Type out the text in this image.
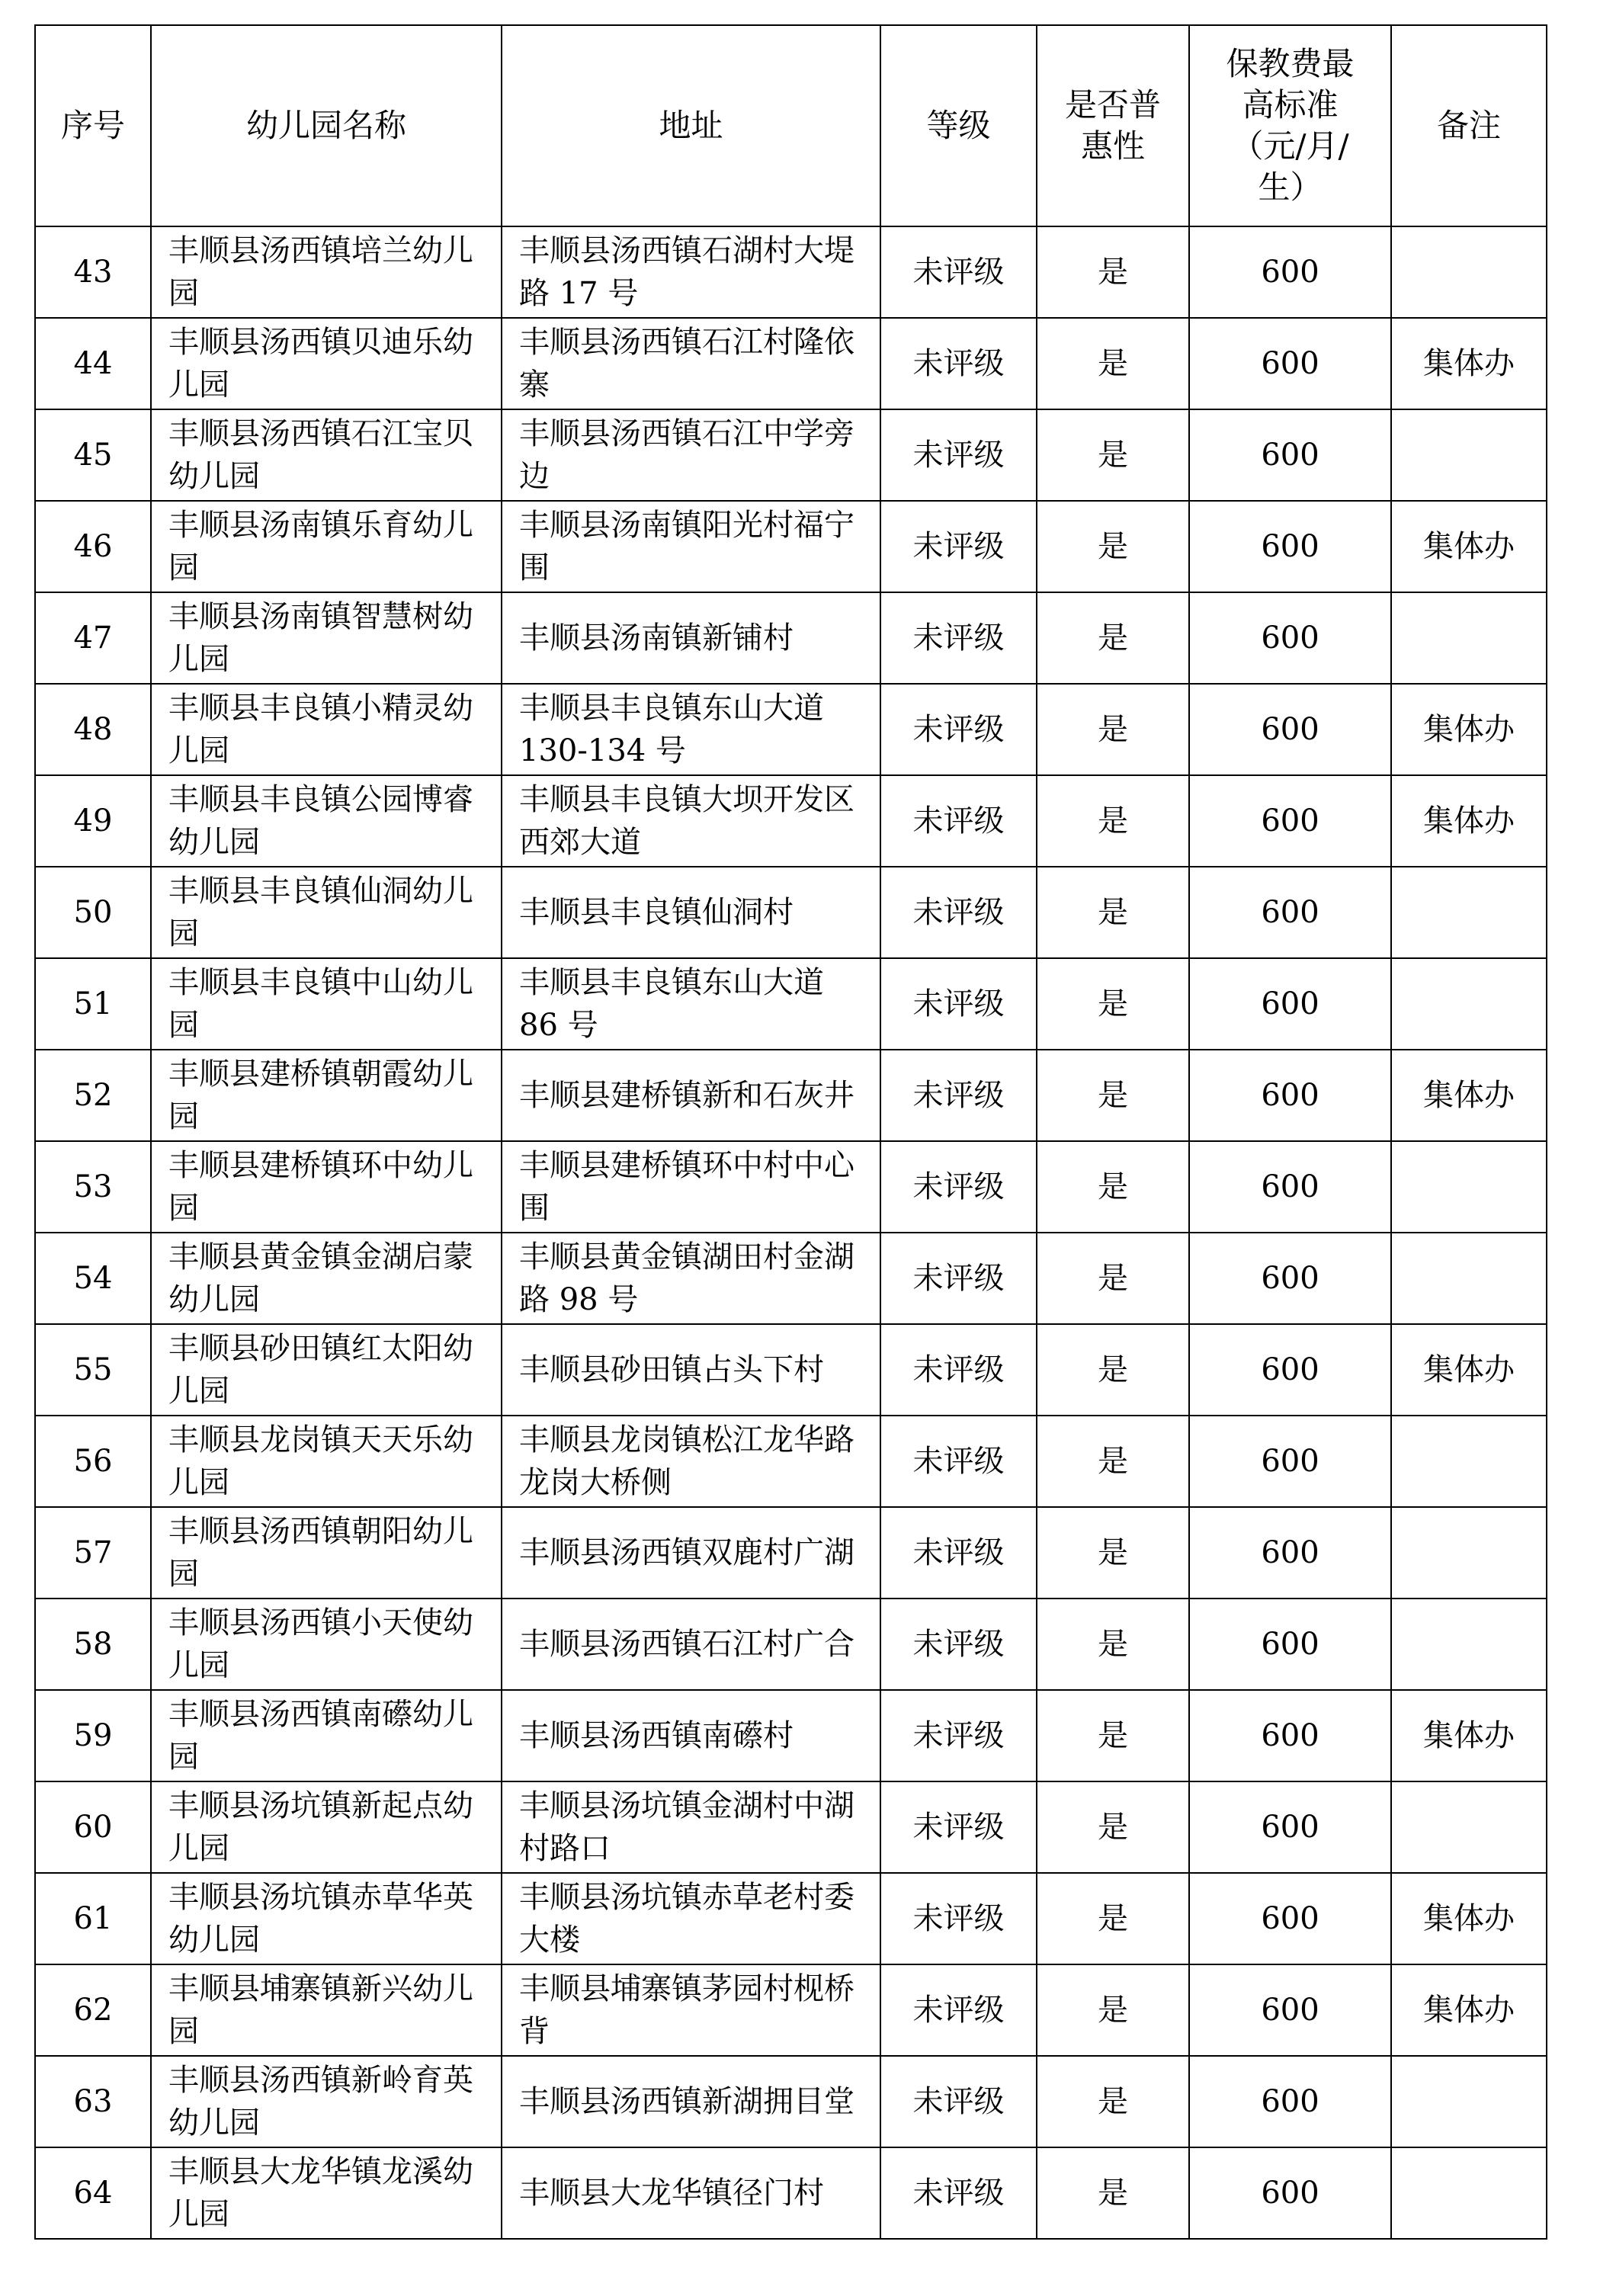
序号	幼儿园名称	地址	等级	是否普惠性	保教费最高标准（元/月/生）	备注
43	丰顺县汤西镇培兰幼儿园	丰顺县汤西镇石湖村大堤路 17 号	未评级	是	600	
44	丰顺县汤西镇贝迪乐幼儿园	丰顺县汤西镇石江村隆依寨	未评级	是	600	集体办
45	丰顺县汤西镇石江宝贝幼儿园	丰顺县汤西镇石江中学旁边	未评级	是	600	
46	丰顺县汤南镇乐育幼儿园	丰顺县汤南镇阳光村福宁围	未评级	是	600	集体办
47	丰顺县汤南镇智慧树幼儿园	丰顺县汤南镇新铺村	未评级	是	600	
48	丰顺县丰良镇小精灵幼儿园	丰顺县丰良镇东山大道 130-134 号	未评级	是	600	集体办
49	丰顺县丰良镇公园博睿幼儿园	丰顺县丰良镇大坝开发区西郊大道	未评级	是	600	集体办
50	丰顺县丰良镇仙洞幼儿园	丰顺县丰良镇仙洞村	未评级	是	600	
51	丰顺县丰良镇中山幼儿园	丰顺县丰良镇东山大道 86 号	未评级	是	600	
52	丰顺县建桥镇朝霞幼儿园	丰顺县建桥镇新和石灰井	未评级	是	600	集体办
53	丰顺县建桥镇环中幼儿园	丰顺县建桥镇环中村中心围	未评级	是	600	
54	丰顺县黄金镇金湖启蒙幼儿园	丰顺县黄金镇湖田村金湖路 98 号	未评级	是	600	
55	丰顺县砂田镇红太阳幼儿园	丰顺县砂田镇占头下村	未评级	是	600	集体办
56	丰顺县龙岗镇天天乐幼儿园	丰顺县龙岗镇松江龙华路龙岗大桥侧	未评级	是	600	
57	丰顺县汤西镇朝阳幼儿园	丰顺县汤西镇双鹿村广湖	未评级	是	600	
58	丰顺县汤西镇小天使幼儿园	丰顺县汤西镇石江村广合	未评级	是	600	
59	丰顺县汤西镇南礤幼儿园	丰顺县汤西镇南礤村	未评级	是	600	集体办
60	丰顺县汤坑镇新起点幼儿园	丰顺县汤坑镇金湖村中湖村路口	未评级	是	600	
61	丰顺县汤坑镇赤草华英幼儿园	丰顺县汤坑镇赤草老村委大楼	未评级	是	600	集体办
62	丰顺县埔寨镇新兴幼儿园	丰顺县埔寨镇茅园村枧桥背	未评级	是	600	集体办
63	丰顺县汤西镇新岭育英幼儿园	丰顺县汤西镇新湖拥目堂	未评级	是	600	
64	丰顺县大龙华镇龙溪幼儿园	丰顺县大龙华镇径门村	未评级	是	600	
